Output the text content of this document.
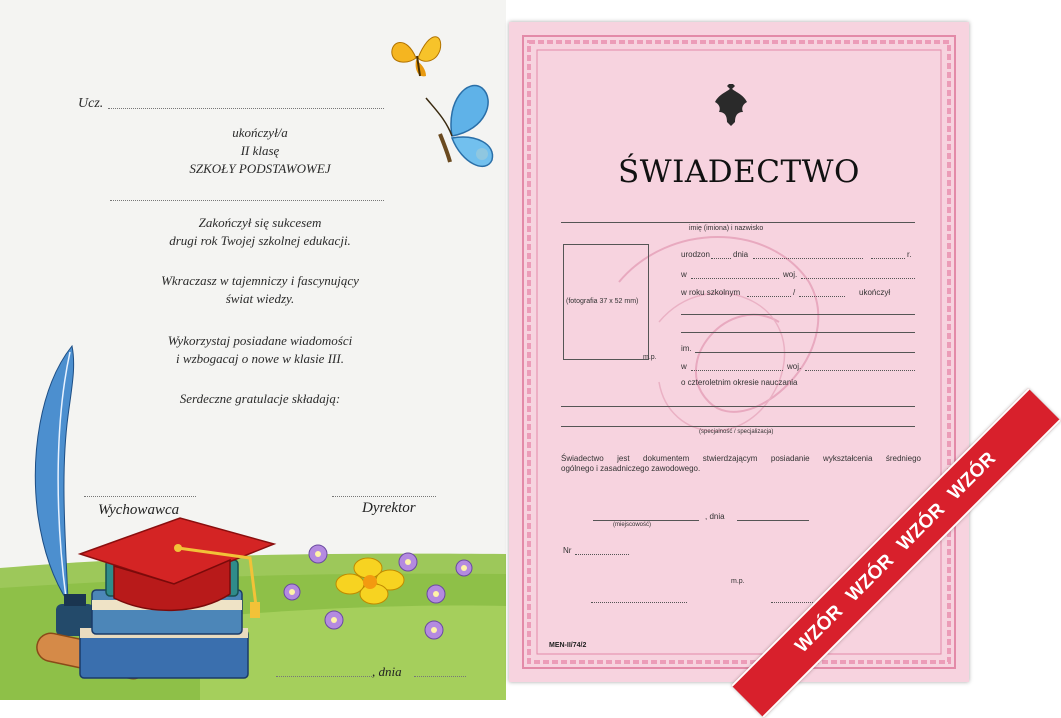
Ucz.
ukończył/a
II klasę
SZKOŁY PODSTAWOWEJ
Zakończył się sukcesem
drugi rok Twojej szkolnej edukacji.
Wkraczasz w tajemniczy i fascynujący
świat wiedzy.
Wykorzystaj posiadane wiadomości
i wzbogacaj o nowe w klasie III.
Serdeczne gratulacje składają:
Wychowawca	Dyrektor
, dnia
ŚWIADECTWO
imię (imiona) i nazwisko
(fotografia 37 x 52 mm)
m.p.
urodzon	dnia	r.
w	woj.
w roku szkolnym	/	ukończył
im.
w	woj.
o czteroletnim okresie nauczania
(specjalność / specjalizacja)
Świadectwo jest dokumentem stwierdzającym posiadanie wykształcenia średniego
ogólnego i zasadniczego zawodowego.
(miejscowość)
, dnia
Nr
m.p.
MEN-II/74/2	WZÓR
WZÓR
WZÓR
WZÓR
